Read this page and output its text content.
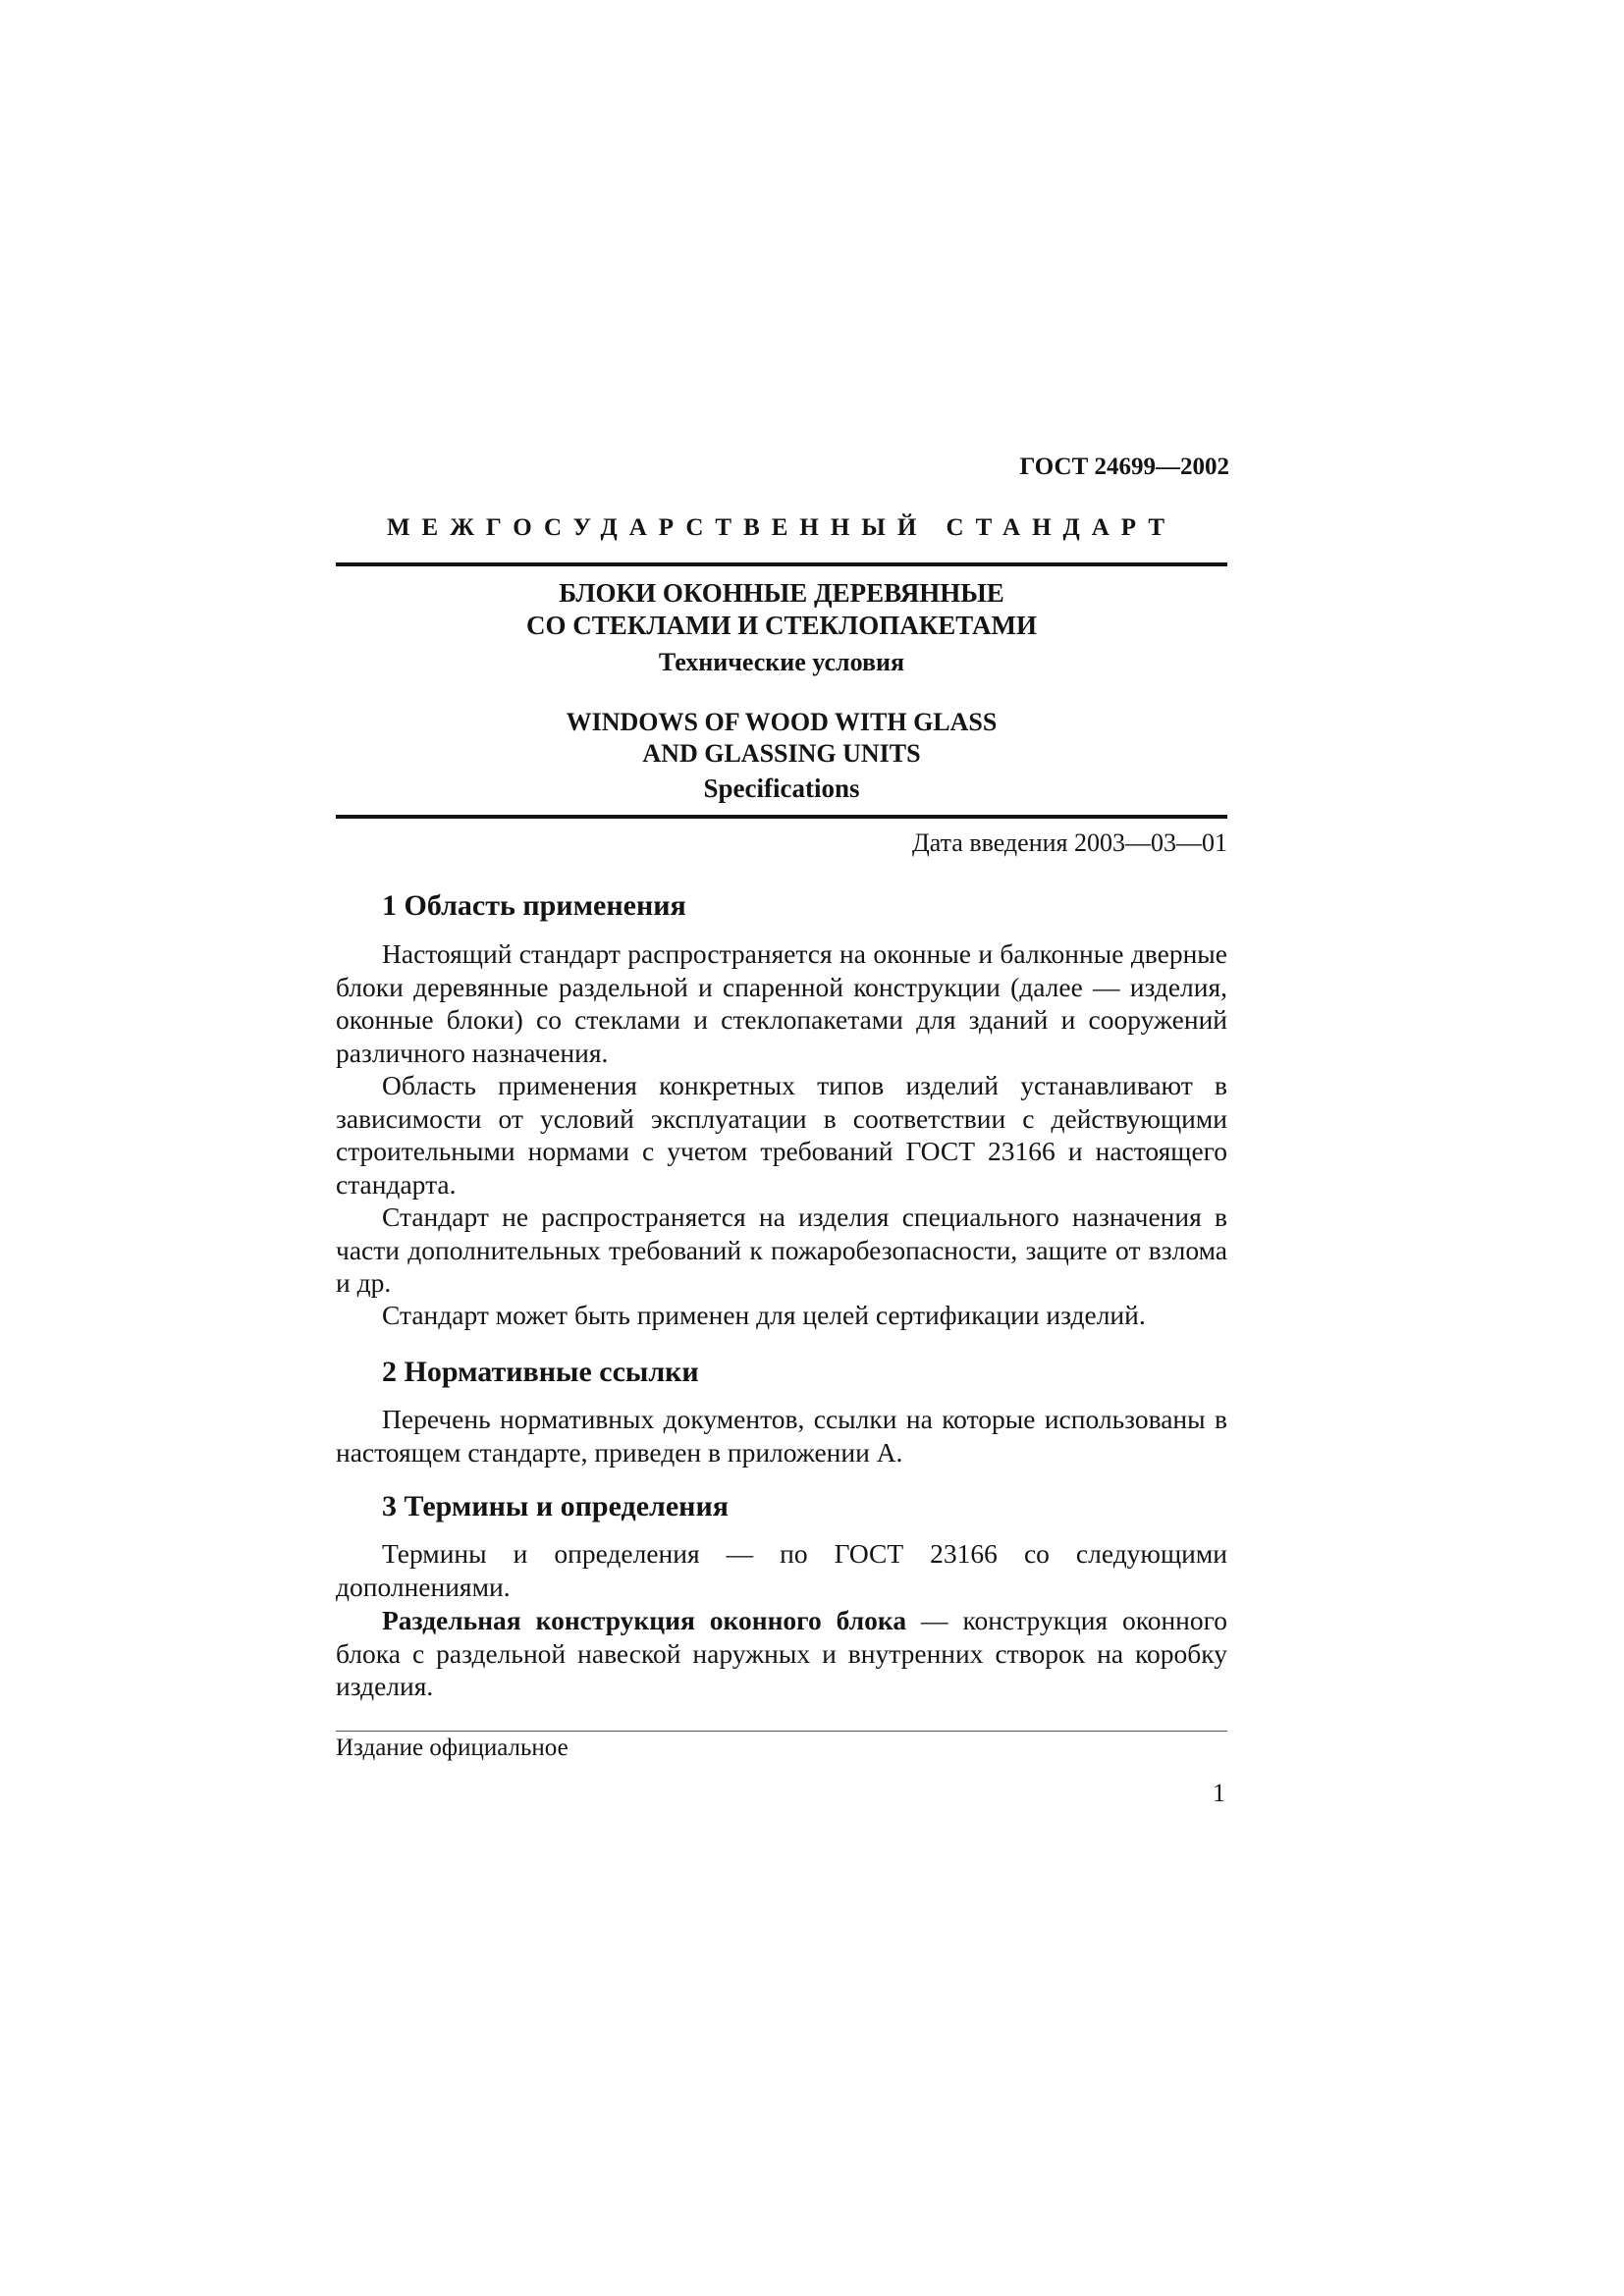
ГОСТ 24699—2002
МЕЖГОСУДАРСТВЕННЫЙ СТАНДАРТ
БЛОКИ ОКОННЫЕ ДЕРЕВЯННЫЕ
СО СТЕКЛАМИ И СТЕКЛОПАКЕТАМИ
Технические условия
WINDOWS OF WOOD WITH GLASS
AND GLASSING UNITS
Specifications
Дата введения 2003—03—01
1 Область применения

Настоящий стандарт распространяется на оконные и балконные дверные блоки деревянные раздельной и спаренной конструкции (далее — изделия, оконные блоки) со стеклами и стеклопакетами для зданий и сооружений различного назначения.

Область применения конкретных типов изделий устанавливают в зависимости от условий эксплуатации в соответствии с действующими строительными нормами с учетом требований ГОСТ 23166 и настоящего стандарта.

Стандарт не распространяется на изделия специального назначения в части дополнительных требований к пожаробезопасности, защите от взлома и др.

Стандарт может быть применен для целей сертификации изделий.

2 Нормативные ссылки

Перечень нормативных документов, ссылки на которые использованы в настоящем стандарте, приведен в приложении А.

3 Термины и определения

Термины и определения — по ГОСТ 23166 со следующими дополнениями.

Раздельная конструкция оконного блока — конструкция оконного блока с раздельной навеской наружных и внутренних створок на коробку изделия.

Издание официальное
1
